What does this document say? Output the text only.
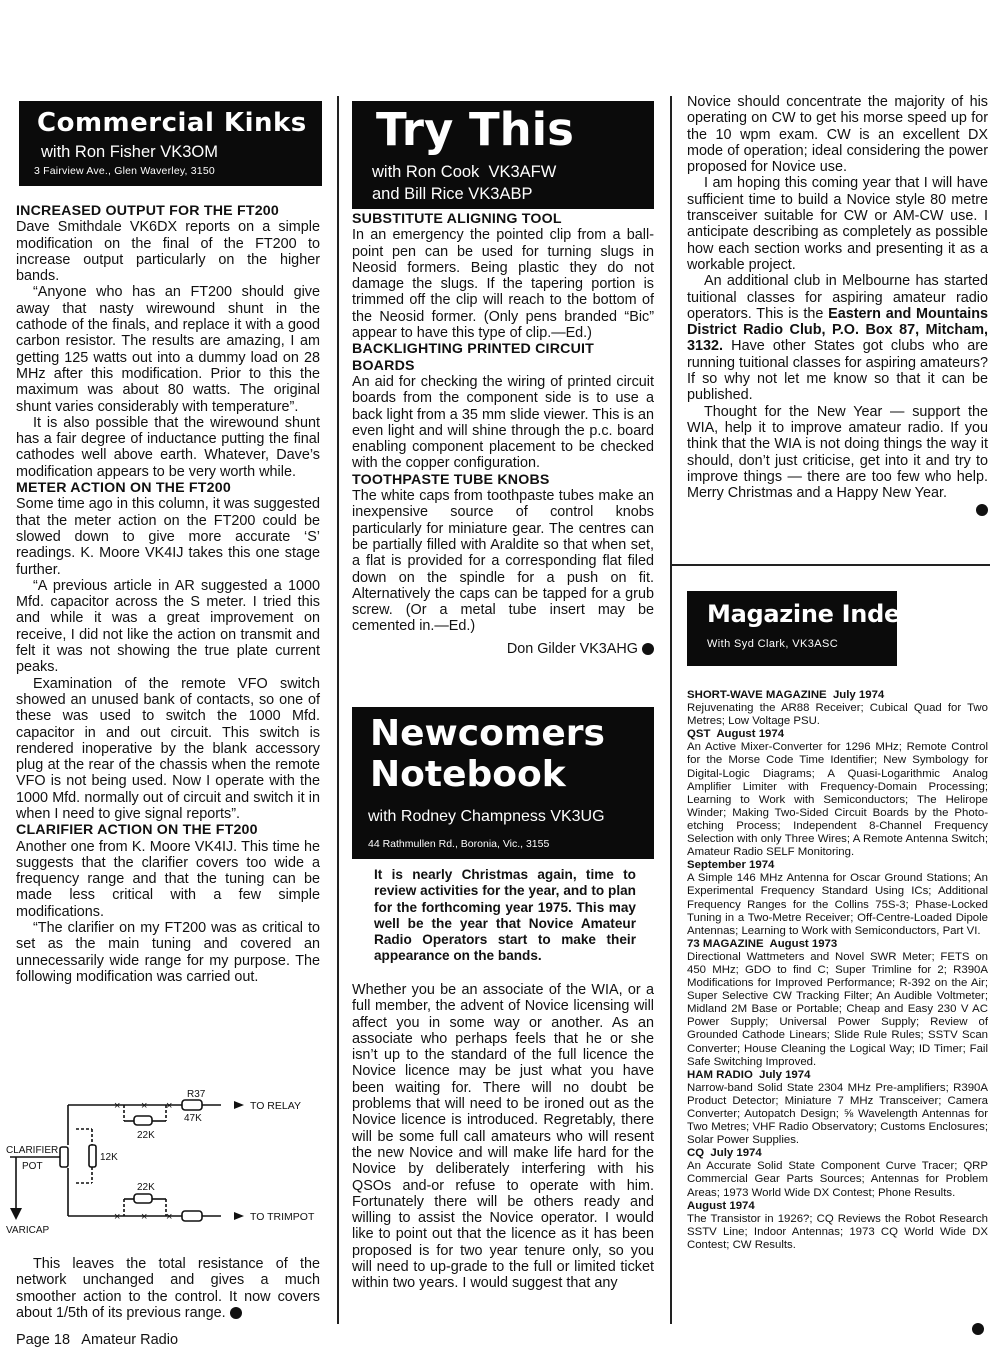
Commercial Kinks
with Ron Fisher VK3OM
3 Fairview Ave., Glen Waverley, 3150

INCREASED OUTPUT FOR THE FT200

Dave Smithdale VK6DX reports on a simple modification on the final of the FT200 to increase output particularly on the higher bands.

“Anyone who has an FT200 should give away that nasty wirewound shunt in the cathode of the finals, and replace it with a good carbon resistor. The results are amazing, I am getting 125 watts out into a dummy load on 28 MHz after this modification. Prior to this the maximum was about 80 watts. The original shunt varies considerably with temperature”.

It is also possible that the wirewound shunt has a fair degree of inductance putting the final cathodes well above earth. Whatever, Dave’s modification appears to be very worth while.

METER ACTION ON THE FT200

Some time ago in this column, it was suggested that the meter action on the FT200 could be slowed down to give more accurate ‘S’ readings. K. Moore VK4IJ takes this one stage further.

“A previous article in AR suggested a 1000 Mfd. capacitor across the S meter. I tried this and while it was a great improvement on receive, I did not like the action on transmit and felt it was not showing the true plate current peaks.

Examination of the remote VFO switch showed an unused bank of contacts, so one of these was used to switch the 1000 Mfd. capacitor in and out circuit. This switch is rendered inoperative by the blank accessory plug at the rear of the chassis when the remote VFO is not being used. Now I operate with the 1000 Mfd. normally out of circuit and switch it in when I need to give signal reports”.

CLARIFIER ACTION ON THE FT200

Another one from K. Moore VK4IJ. This time he suggests that the clarifier covers too wide a frequency range and that the tuning can be made less critical with a few simple modifications.

“The clarifier on my FT200 was as critical to set as the main tuning and covered an unnecessarily wide range for my purpose. The following modification was carried out.

× × ×
× × ×
R37
47K
22K
12K
22K
TO RELAY
TO TRIMPOT
CLARIFIER
POT
VARICAP

This leaves the total resistance of the network unchanged and gives a much smoother action to the control. It now covers about 1/5th of its previous range.

Page 18   Amateur Radio
Try This
with Ron Cook  VK3AFW
and Bill Rice VK3ABP

SUBSTITUTE ALIGNING TOOL

In an emergency the pointed clip from a ball-point pen can be used for turning slugs in Neosid formers. Being plastic they do not damage the slugs. If the tapering portion is trimmed off the clip will reach to the bottom of the Neosid former. (Only pens branded “Bic” appear to have this type of clip.—Ed.)

BACKLIGHTING PRINTED CIRCUIT BOARDS

An aid for checking the wiring of printed circuit boards from the component side is to use a back light from a 35 mm slide viewer. This is an even light and will shine through the p.c. board enabling component placement to be checked with the copper configuration.

TOOTHPASTE TUBE KNOBS

The white caps from toothpaste tubes make an inexpensive source of control knobs particularly for miniature gear. The centres can be partially filled with Araldite so that when set, a flat is provided for a corresponding flat filed down on the spindle for a push on fit. Alternatively the caps can be tapped for a grub screw. (Or a metal tube insert may be cemented in.—Ed.)

Don Gilder VK3AHG

Newcomers
Notebook
with Rodney Champness VK3UG
44 Rathmullen Rd., Boronia, Vic., 3155

It is nearly Christmas again, time to review activities for the year, and to plan for the forthcoming year 1975. This may well be the year that Novice Amateur Radio Operators start to make their appearance on the bands.

Whether you be an associate of the WIA, or a full member, the advent of Novice licensing will affect you in some way or another. As an associate who perhaps feels that he or she isn’t up to the standard of the full licence the Novice licence may be just what you have been waiting for. There will no doubt be problems that will need to be ironed out as the Novice licence is introduced. Regretably, there will be some full call amateurs who will resent the new Novice and will make life hard for the Novice by deliberately interfering with his QSOs and-or refuse to operate with him. Fortunately there will be others ready and willing to assist the Novice operator. I would like to point out that the licence as it has been proposed is for two year tenure only, so you will need to up-grade to the full or limited ticket within two years. I would suggest that any

Novice should concentrate the majority of his operating on CW to get his morse speed up for the 10 wpm exam. CW is an excellent DX mode of operation; ideal considering the power proposed for Novice use.

I am hoping this coming year that I will have sufficient time to build a Novice style 80 metre transceiver suitable for CW or AM-CW use. I anticipate describing as completely as possible how each section works and presenting it as a workable project.

An additional club in Melbourne has started tuitional classes for aspiring amateur radio operators. This is the Eastern and Mountains District Radio Club, P.O. Box 87, Mitcham, 3132. Have other States got clubs who are running tuitional classes for aspiring amateurs? If so why not let me know so that it can be published.

Thought for the New Year — support the WIA, help it to improve amateur radio. If you think that the WIA is not doing things the way it should, don’t just criticise, get into it and try to improve things — there are too few who help. Merry Christmas and a Happy New Year.

Magazine Index
With Syd Clark, VK3ASC

SHORT-WAVE MAGAZINE  July 1974

Rejuvenating the AR88 Receiver; Cubical Quad for Two Metres; Low Voltage PSU.

QST  August 1974

An Active Mixer-Converter for 1296 MHz; Remote Control for the Morse Code Time Identifier; New Symbology for Digital-Logic Diagrams; A Quasi-Logarithmic Analog Amplifier Limiter with Frequency-Domain Processing; Learning to Work with Semiconductors; The Helirope Winder; Making Two-Sided Circuit Boards by the Photo-etching Process; Independent 8-Channel Frequency Selection with only Three Wires; A Remote Antenna Switch; Amateur Radio SELF Monitoring.

September 1974

A Simple 146 MHz Antenna for Oscar Ground Stations; An Experimental Frequency Standard Using ICs; Additional Frequency Ranges for the Collins 75S-3; Phase-Locked Tuning in a Two-Metre Receiver; Off-Centre-Loaded Dipole Antennas; Learning to Work with Semiconductors, Part VI.

73 MAGAZINE  August 1973

Directional Wattmeters and Novel SWR Meter; FETS on 450 MHz; GDO to find C; Super Trimline for 2; R390A Modifications for Improved Performance; R-392 on the Air; Super Selective CW Tracking Filter; An Audible Voltmeter; Midland 2M Base or Portable; Cheap and Easy 230 V AC Power Supply; Universal Power Supply; Review of Grounded Cathode Linears; Slide Rule Rules; SSTV Scan Converter; House Cleaning the Logical Way; ID Timer; Fail Safe Switching Improved.

HAM RADIO  July 1974

Narrow-band Solid State 2304 MHz Pre-amplifiers; R390A Product Detector; Miniature 7 MHz Transceiver; Camera Converter; Autopatch Design; ⅝ Wavelength Antennas for Two Metres; VHF Radio Observatory; Customs Enclosures; Solar Power Supplies.

CQ  July 1974

An Accurate Solid State Component Curve Tracer; QRP Commercial Gear Parts Sources; Antennas for Problem Areas; 1973 World Wide DX Contest; Phone Results.

August 1974

The Transistor in 1926?; CQ Reviews the Robot Research SSTV Line; Indoor Antennas; 1973 CQ World Wide DX Contest; CW Results.
